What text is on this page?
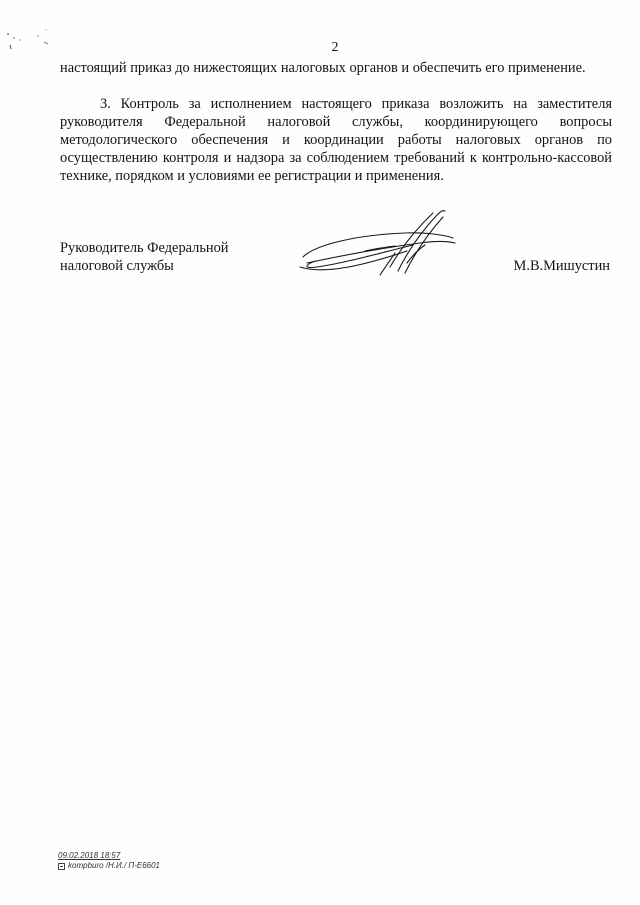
2
настоящий приказ до нижестоящих налоговых органов и обеспечить его применение.
3. Контроль за исполнением настоящего приказа возложить на заместителя руководителя Федеральной налоговой службы, координирующего вопросы методологического обеспечения и координации работы налоговых органов по осуществлению контроля и надзора за соблюдением требований к контрольно-кассовой технике, порядком и условиями ее регистрации и применения.
Руководитель Федеральной
налоговой службы	М.В.Мишустин
09.02.2018 18:57
kompburo /Н.И./ П-Е6601
